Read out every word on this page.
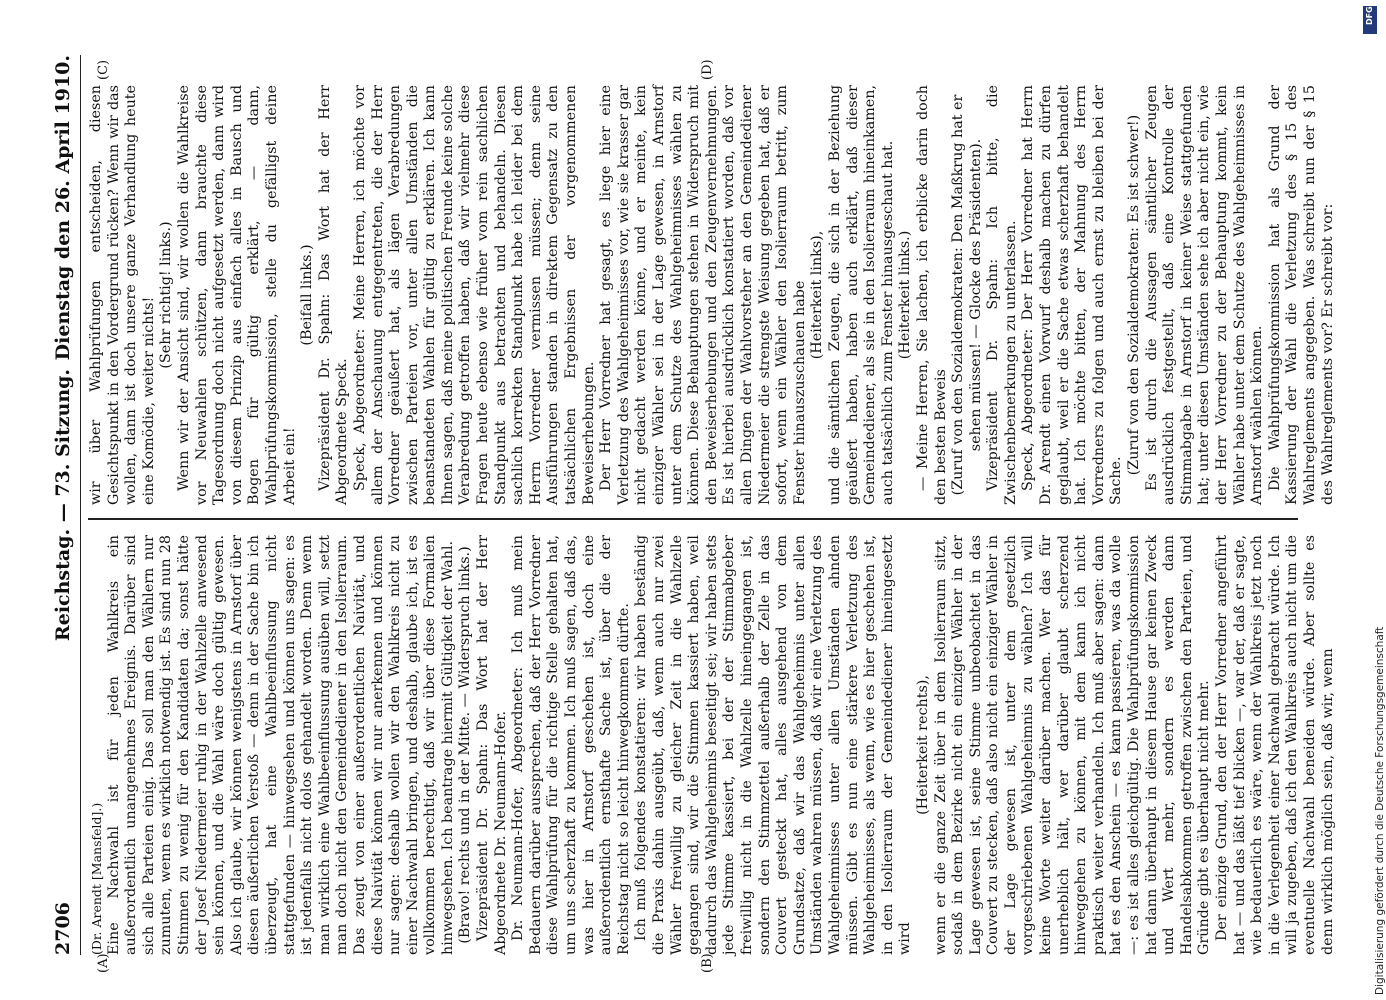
2706
Reichstag. — 73. Sitzung.
Dienstag den 26. April 1910.
(A)	(B)
(C)	(D)

(Dr. Arendt [Mansfeld].) Eine Nachwahl ist für jeden Wahlkreis ein außerordentlich unangenehmes Ereignis. Darüber sind sich alle Parteien einig. Das soll man den Wählern nur zumuten, wenn es wirklich notwendig ist. Es sind nun 28 Stimmen zu wenig für den Kandidaten da; sonst hätte der Josef Niedermeier ruhig in der Wahlzelle anwesend sein können, und die Wahl wäre doch gültig gewesen. Also ich glaube, wir können wenigstens in Arnstorf über diesen äußerlichen Verstoß — denn in der Sache bin ich überzeugt, hat eine Wahlbeeinflussung nicht stattgefunden — hinwegsehen und können uns sagen: es ist jedenfalls nicht dolos gehandelt worden. Denn wenn man wirklich eine Wahlbeeinflussung ausüben will, setzt man doch nicht den Gemeindediener in den Isolierraum. Das zeugt von einer außerordentlichen Naivität, und diese Naivität können wir nur anerkennen und können nur sagen: deshalb wollen wir den Wahlkreis nicht zu einer Nachwahl bringen, und deshalb, glaube ich, ist es vollkommen berechtigt, daß wir über diese Formalien hinwegsehen. Ich beantrage hiermit Gültigkeit der Wahl. (Bravo! rechts und in der Mitte. — Widerspruch links.) Vizepräsident Dr. Spahn: Das Wort hat der Herr Abgeordnete Dr. Neumann-Hofer. Dr. Neumann-Hofer, Abgeordneter: Ich muß mein Bedauern darüber aussprechen, daß der Herr Vorredner diese Wahlprüfung für die richtige Stelle gehalten hat, um uns scherzhaft zu kommen. Ich muß sagen, daß das, was hier in Arnstorf geschehen ist, doch eine außerordentlich ernsthafte Sache ist, über die der Reichstag nicht so leicht hinwegkommen dürfte. Ich muß folgendes konstatieren: wir haben beständig die Praxis dahin ausgeübt, daß, wenn auch nur zwei Wähler freiwillig zu gleicher Zeit in die Wahlzelle gegangen sind, wir die Stimmen kassiert haben, weil dadurch das Wahlgeheimnis beseitigt sei; wir haben stets jede Stimme kassiert, bei der der Stimmabgeber freiwillig nicht in die Wahlzelle hineingegangen ist, sondern den Stimmzettel außerhalb der Zelle in das Couvert gesteckt hat, alles ausgehend von dem Grundsatze, daß wir das Wahlgeheimnis unter allen Umständen wahren müssen, daß wir eine Verletzung des Wahlgeheimnisses unter allen Umständen ahnden müssen. Gibt es nun eine stärkere Verletzung des Wahlgeheimnisses, als wenn, wie es hier geschehen ist, in den Isolierraum der Gemeindediener hineingesetzt wird

(Heiterkeit rechts), wenn er die ganze Zeit über in dem Isolierraum sitzt, sodaß in dem Bezirke nicht ein einziger Wähler in der Lage gewesen ist, seine Stimme unbeobachtet in das Couvert zu stecken, daß also nicht ein einziger Wähler in der Lage gewesen ist, unter dem gesetzlich vorgeschriebenen Wahlgeheimnis zu wählen? Ich will keine Worte weiter darüber machen. Wer das für unerheblich hält, wer darüber glaubt scherzend hinweggehen zu können, mit dem kann ich nicht praktisch weiter verhandeln. Ich muß aber sagen: dann hat es den Anschein — es kann passieren, was da wolle —: es ist alles gleichgültig. Die Wahlprüfungskommission hat dann überhaupt in diesem Hause gar keinen Zweck und Wert mehr, sondern es werden dann Handelsabkommen getroffen zwischen den Parteien, und Gründe gibt es überhaupt nicht mehr. Der einzige Grund, den der Herr Vorredner angeführt hat — und das läßt tief blicken —, war der, daß er sagte, wie bedauerlich es wäre, wenn der Wahlkreis jetzt noch in die Verlegenheit einer Nachwahl gebracht würde. Ich will ja zugeben, daß ich den Wahlkreis auch nicht um die eventuelle Nachwahl beneiden würde. Aber sollte es denn wirklich möglich sein, daß wir, wenn

wir über Wahlprüfungen entscheiden, diesen Gesichtspunkt in den Vordergrund rücken? Wenn wir das wollen, dann ist doch unsere ganze Verhandlung heute eine Komödie, weiter nichts!

(Sehr richtig! links.) Wenn wir der Ansicht sind, wir wollen die Wahlkreise vor Neuwahlen schützen, dann brauchte diese Tagesordnung doch nicht aufgesetzt werden, dann wird von diesem Prinzip aus einfach alles in Bausch und Bogen für gültig erklärt, — dann, Wahlprüfungskommission, stelle du gefälligst deine Arbeit ein!

(Beifall links.) Vizepräsident Dr. Spahn: Das Wort hat der Herr Abgeordnete Speck. Speck, Abgeordneter: Meine Herren, ich möchte vor allem der Anschauung entgegentreten, die der Herr Vorredner geäußert hat, als lägen Verabredungen zwischen Parteien vor, unter allen Umständen die beanstandeten Wahlen für gültig zu erklären. Ich kann Ihnen sagen, daß meine politischen Freunde keine solche Verabredung getroffen haben, daß wir vielmehr diese Fragen heute ebenso wie früher vom rein sachlichen Standpunkt aus betrachten und behandeln. Diesen sachlich korrekten Standpunkt habe ich leider bei dem Herrn Vorredner vermissen müssen; denn seine Ausführungen standen in direktem Gegensatz zu den tatsächlichen Ergebnissen der vorgenommenen Beweiserhebungen. Der Herr Vorredner hat gesagt, es liege hier eine Verletzung des Wahlgeheimnisses vor, wie sie krasser gar nicht gedacht werden könne, und er meinte, kein einziger Wähler sei in der Lage gewesen, in Arnstorf unter dem Schutze des Wahlgeheimnisses wählen zu können. Diese Behauptungen stehen in Widerspruch mit den Beweiserhebungen und den Zeugenvernehmungen. Es ist hierbei ausdrücklich konstatiert worden, daß vor allen Dingen der Wahlvorsteher an den Gemeindediener Niedermeier die strengste Weisung gegeben hat, daß er sofort, wenn ein Wähler den Isolierraum betritt, zum Fenster hinauszuschauen habe (Heiterkeit links), und die sämtlichen Zeugen, die sich in der Beziehung geäußert haben, haben auch erklärt, daß dieser Gemeindediener, als sie in den Isolierraum hineinkamen, auch tatsächlich zum Fenster hinausgeschaut hat. (Heiterkeit links.) — Meine Herren, Sie lachen, ich erblicke darin doch den besten Beweis (Zuruf von den Sozialdemokraten: Den Maßkrug hat er sehen müssen! — Glocke des Präsidenten). Vizepräsident Dr. Spahn: Ich bitte, die Zwischenbemerkungen zu unterlassen. Speck, Abgeordneter: Der Herr Vorredner hat Herrn Dr. Arendt einen Vorwurf deshalb machen zu dürfen geglaubt, weil er die Sache etwas scherzhaft behandelt hat. Ich möchte bitten, der Mahnung des Herrn Vorredners zu folgen und auch ernst zu bleiben bei der Sache.

(Zuruf von den Sozialdemokraten: Es ist schwer!) Es ist durch die Aussagen sämtlicher Zeugen ausdrücklich festgestellt, daß eine Kontrolle der Stimmabgabe in Arnstorf in keiner Weise stattgefunden hat; unter diesen Umständen sehe ich aber nicht ein, wie der Herr Vorredner zu der Behauptung kommt, kein Wähler habe unter dem Schutze des Wahlgeheimnisses in Arnstorf wählen können. Die Wahlprüfungskommission hat als Grund der Kassierung der Wahl die Verletzung des § 15 des Wahlreglements angegeben. Was schreibt nun der § 15 des Wahlreglements vor? Er schreibt vor:

DFG
Digitalisierung gefördert durch die Deutsche Forschungsgemeinschaft
